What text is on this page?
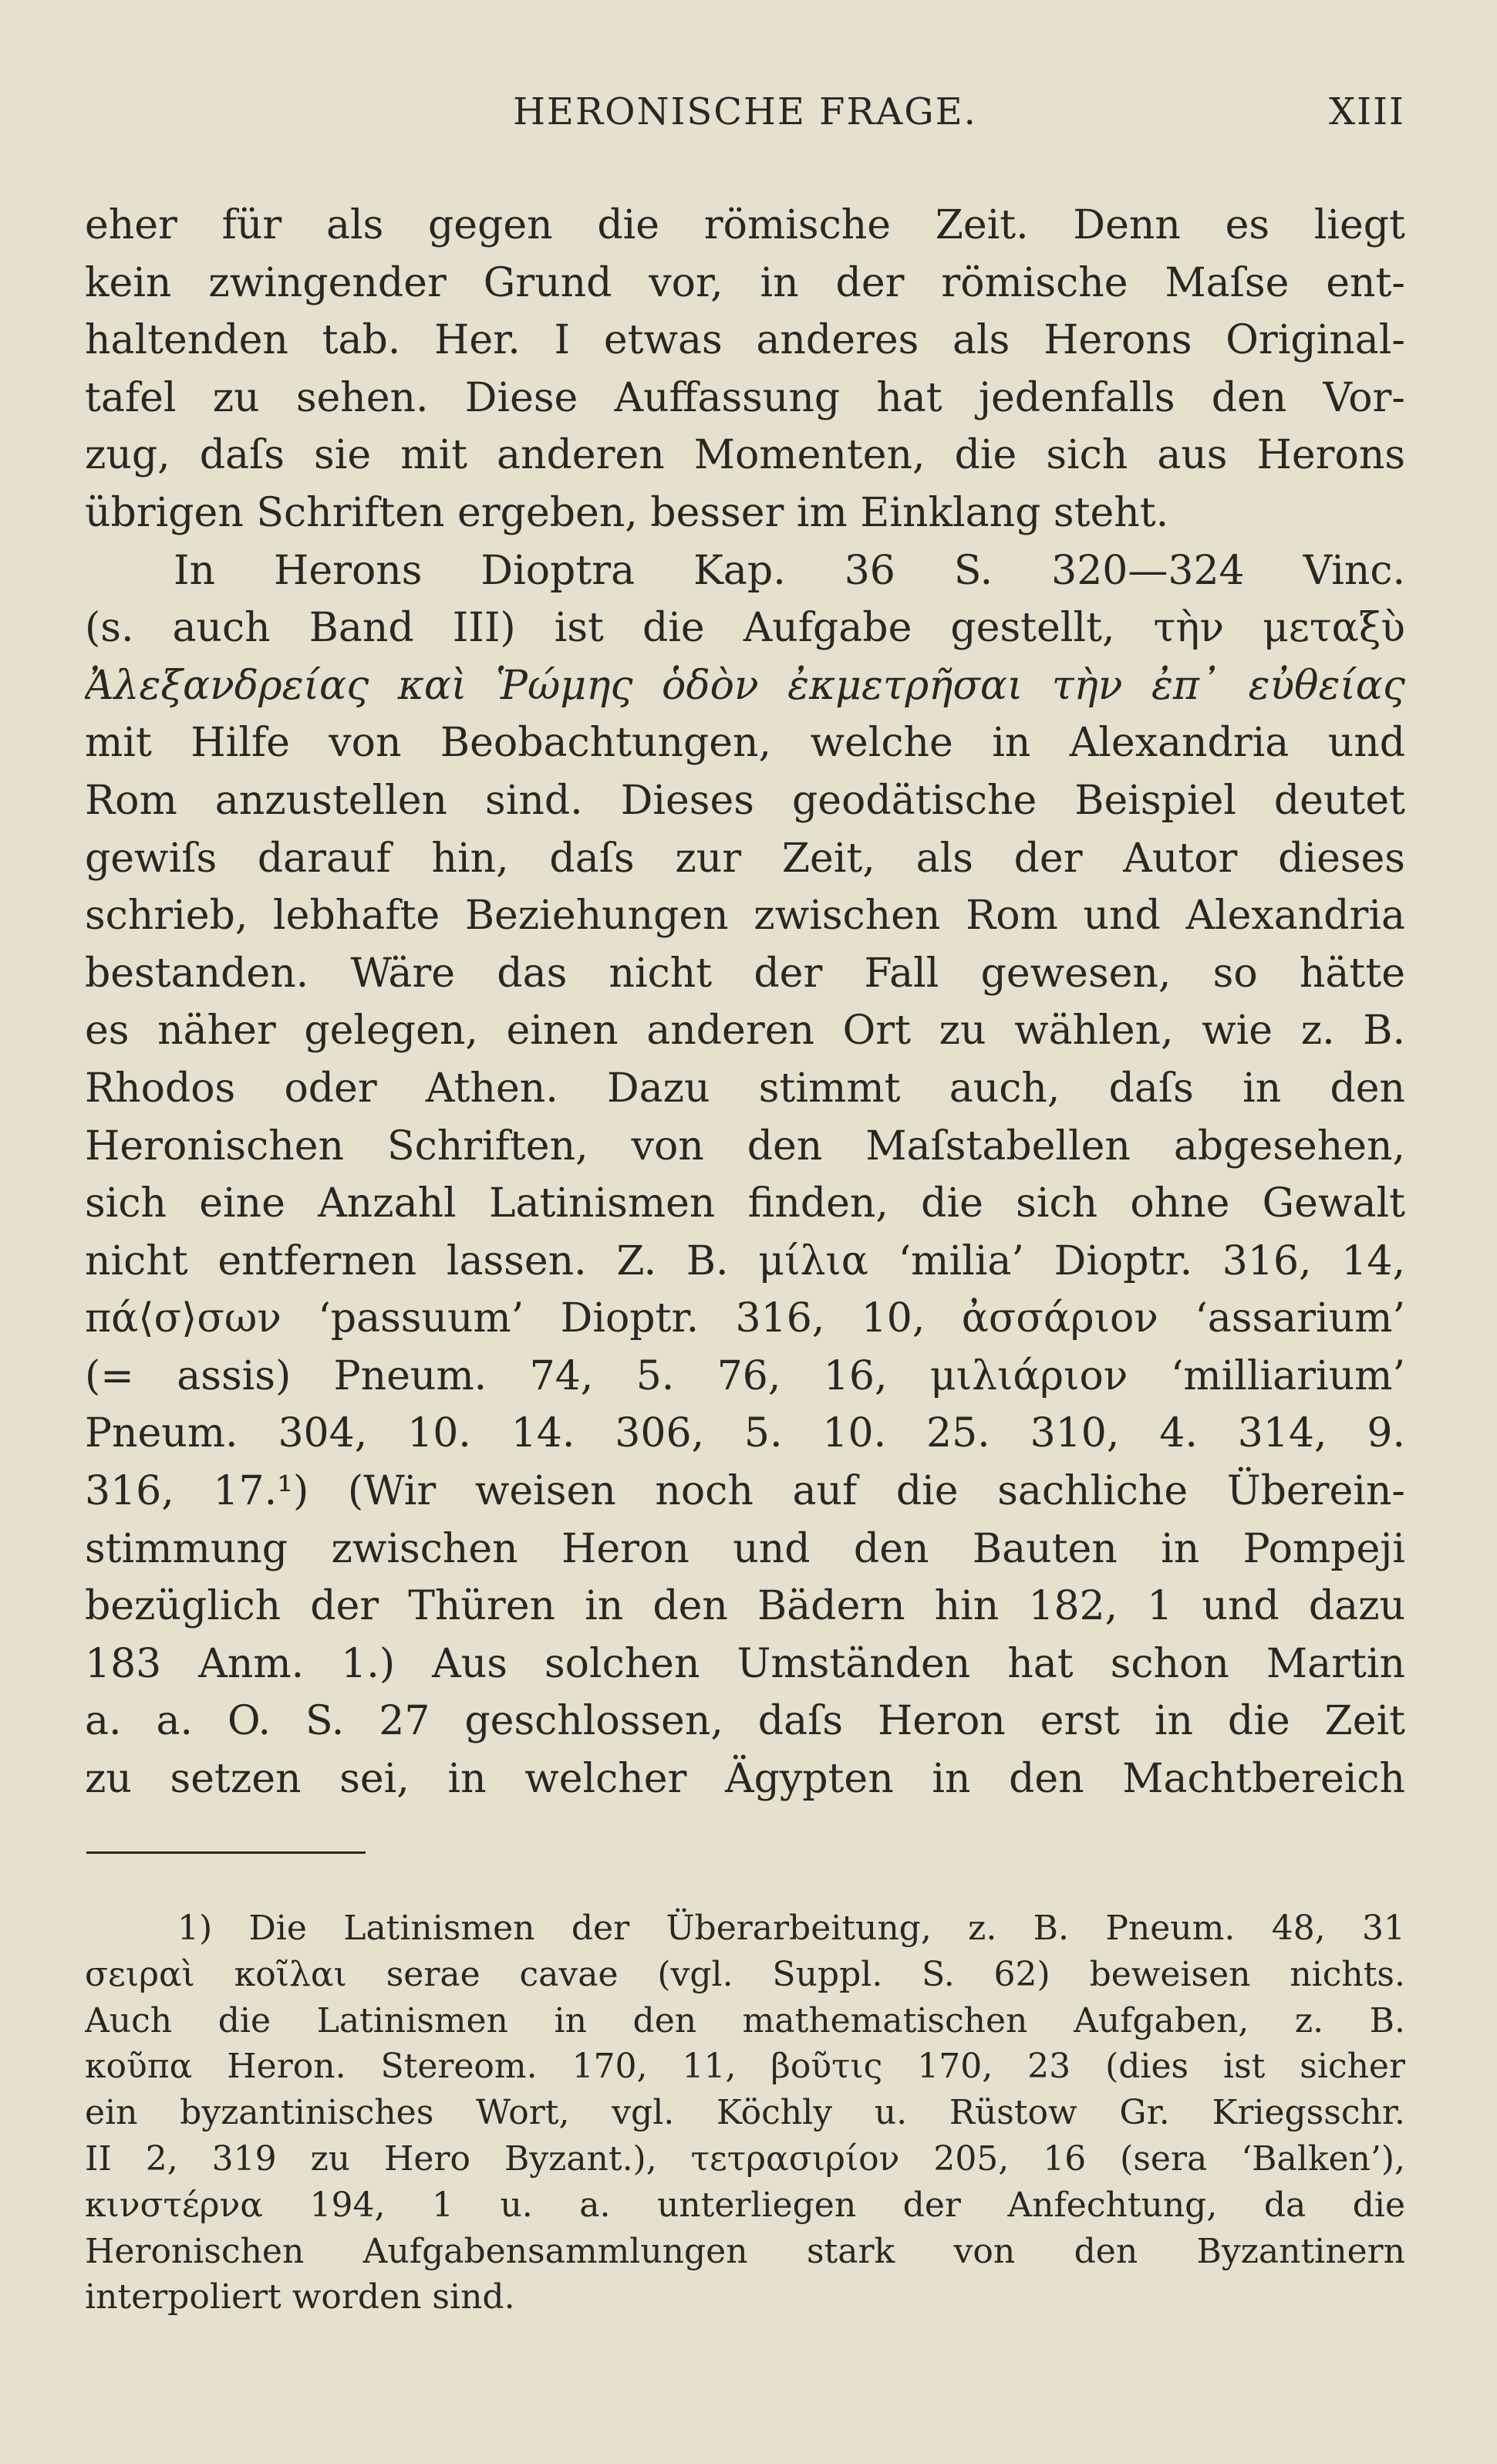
HERONISCHE FRAGE.	XIII
eher für als gegen die römische Zeit. Denn es liegt
kein zwingender Grund vor, in der römische Maſse ent-
haltenden tab. Her. I etwas anderes als Herons Original-
tafel zu sehen. Diese Auffassung hat jedenfalls den Vor-
zug, daſs sie mit anderen Momenten, die sich aus Herons
übrigen Schriften ergeben, besser im Einklang steht.
In Herons Dioptra Kap. 36 S. 320—324 Vinc.
(s. auch Band III) ist die Aufgabe gestellt, τὴν μεταξὺ
Ἀλεξανδρείας καὶ Ῥώμης ὁδὸν ἐκμετρῆσαι τὴν ἐπ᾽ εὐθείας
mit Hilfe von Beobachtungen, welche in Alexandria und
Rom anzustellen sind. Dieses geodätische Beispiel deutet
gewiſs darauf hin, daſs zur Zeit, als der Autor dieses
schrieb, lebhafte Beziehungen zwischen Rom und Alexandria
bestanden. Wäre das nicht der Fall gewesen, so hätte
es näher gelegen, einen anderen Ort zu wählen, wie z. B.
Rhodos oder Athen. Dazu stimmt auch, daſs in den
Heronischen Schriften, von den Maſstabellen abgesehen,
sich eine Anzahl Latinismen finden, die sich ohne Gewalt
nicht entfernen lassen. Z. B. μίλια ‘milia’ Dioptr. 316, 14,
πά⟨σ⟩σων ‘passuum’ Dioptr. 316, 10, ἀσσάριον ‘assarium’
(= assis) Pneum. 74, 5. 76, 16, μιλιάριον ‘milliarium’
Pneum. 304, 10. 14. 306, 5. 10. 25. 310, 4. 314, 9.
316, 17.¹) (Wir weisen noch auf die sachliche Überein-
stimmung zwischen Heron und den Bauten in Pompeji
bezüglich der Thüren in den Bädern hin 182, 1 und dazu
183 Anm. 1.) Aus solchen Umständen hat schon Martin
a. a. O. S. 27 geschlossen, daſs Heron erst in die Zeit
zu setzen sei, in welcher Ägypten in den Machtbereich
1) Die Latinismen der Überarbeitung, z. B. Pneum. 48, 31
σειραὶ κοῖλαι serae cavae (vgl. Suppl. S. 62) beweisen nichts.
Auch die Latinismen in den mathematischen Aufgaben, z. B.
κοῦπα Heron. Stereom. 170, 11, βοῦτις 170, 23 (dies ist sicher
ein byzantinisches Wort, vgl. Köchly u. Rüstow Gr. Kriegsschr.
II 2, 319 zu Hero Byzant.), τετρασιρίον 205, 16 (sera ‘Balken’),
κινστέρνα 194, 1 u. a. unterliegen der Anfechtung, da die
Heronischen Aufgabensammlungen stark von den Byzantinern
interpoliert worden sind.
